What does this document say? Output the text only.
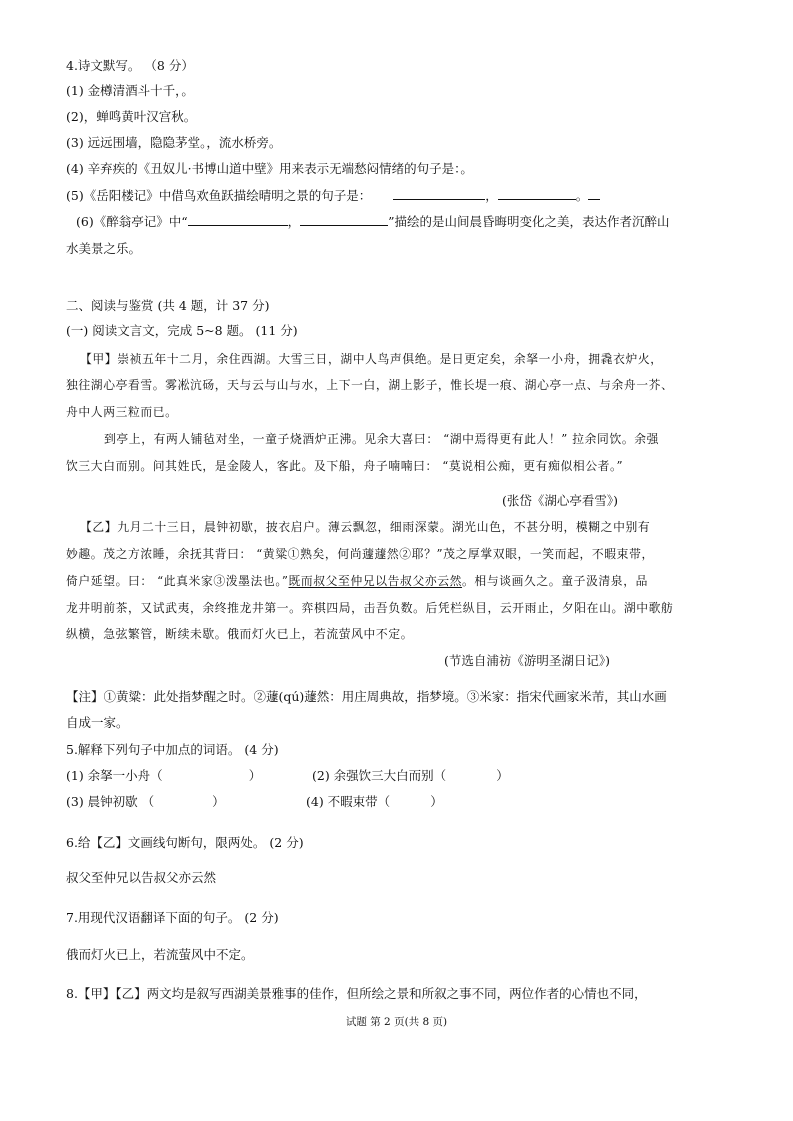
4.诗文默写。 （8 分）
(1) 金樽清酒斗十千，。
(2)，蝉鸣黄叶汉宫秋。
(3) 远远围墙，隐隐茅堂。，流水桥旁。
(4) 辛弃疾的《丑奴儿·书博山道中壁》用来表示无端愁闷情绪的句子是：。
(5)《岳阳楼记》中借鸟欢鱼跃描绘晴明之景的句子是：	，	。
(6)《醉翁亭记》中“	，	”描绘的是山间晨昏晦明变化之美，表达作者沉醉山
水美景之乐。
二、阅读与鉴赏 (共 4 题，计 37 分)
(一) 阅读文言文，完成 5~8 题。 (11 分)
【甲】崇祯五年十二月，余住西湖。大雪三日，湖中人鸟声俱绝。是日更定矣，余拏一小舟，拥毳衣炉火，
独往湖心亭看雪。雾凇沆砀，天与云与山与水，上下一白，湖上影子，惟长堤一痕、湖心亭一点、与余舟一芥、
舟中人两三粒而已。
到亭上，有两人铺毡对坐，一童子烧酒炉正沸。见余大喜曰： “湖中焉得更有此人！” 拉余同饮。余强
饮三大白而别。问其姓氏，是金陵人，客此。及下船，舟子喃喃曰： “莫说相公痴，更有痴似相公者。”
(张岱《湖心亭看雪》)
【乙】九月二十三日，晨钟初歇，披衣启户。薄云飘忽，细雨深蒙。湖光山色，不甚分明，模糊之中别有
妙趣。茂之方浓睡，余抚其背曰： “黄粱①熟矣，何尚蘧蘧然②耶？”茂之厚掌双眼，一笑而起，不暇束带，
倚户延望。曰： “此真米家③泼墨法也。”既而叔父至仲兄以告叔父亦云然。相与谈画久之。童子汲清泉，品
龙井明前茶，又试武夷，余终推龙井第一。弈棋四局，击吾负数。后凭栏纵目，云开雨止，夕阳在山。湖中歌舫
纵横，急弦繁管，断续未歇。俄而灯火已上，若流萤风中不定。
(节选自浦祊《游明圣湖日记》)
【注】①黄粱：此处指梦醒之时。②蘧(qú)蘧然：用庄周典故，指梦境。③米家：指宋代画家米芾，其山水画
自成一家。
5.解释下列句子中加点的词语。 (4 分)
(1) 余拏一小舟（	）	(2) 余强饮三大白而别（	）
(3) 晨钟初歇 （	）	(4) 不暇束带（	）
6.给【乙】文画线句断句，限两处。 (2 分)
叔父至仲兄以告叔父亦云然
7.用现代汉语翻译下面的句子。 (2 分)
俄而灯火已上，若流萤风中不定。
8.【甲】【乙】两文均是叙写西湖美景雅事的佳作，但所绘之景和所叙之事不同，两位作者的心情也不同，
试题 第 2 页(共 8 页)
